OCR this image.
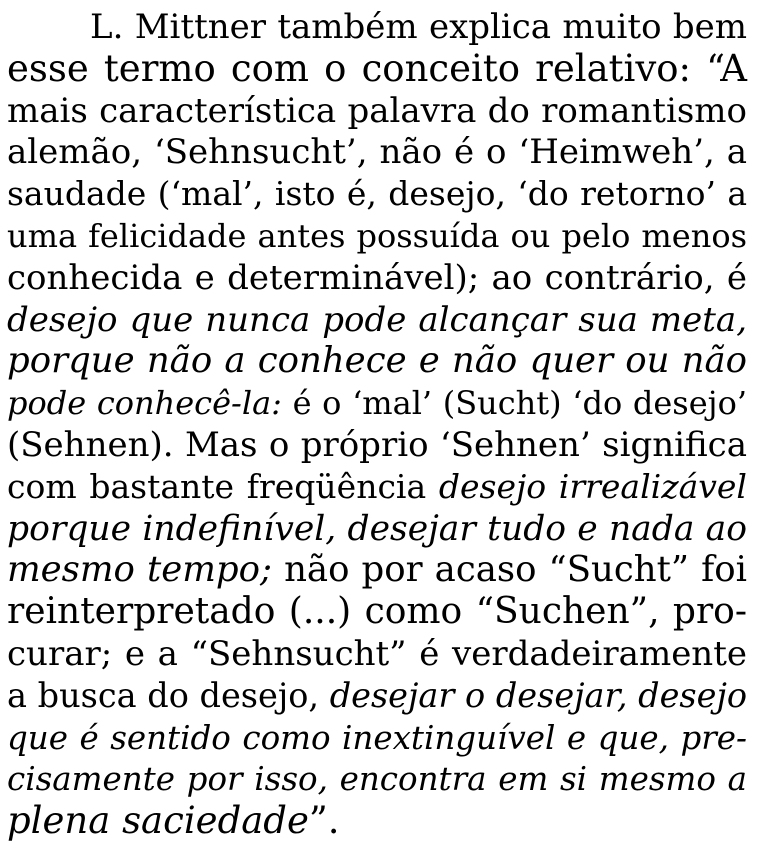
L. Mittner também explica muito bem
esse termo com o conceito relativo: “A
mais característica palavra do romantismo
alemão, ‘Sehnsucht’, não é o ‘Heimweh’, a
saudade (‘mal’, isto é, desejo, ‘do retorno’ a
uma felicidade antes possuída ou pelo menos
conhecida e determinável); ao contrário, é
desejo que nunca pode alcançar sua meta,
porque não a conhece e não quer ou não
pode conhecê-la: é o ‘mal’ (Sucht) ‘do desejo’
(Sehnen). Mas o próprio ‘Sehnen’ significa
com bastante freqüência desejo irrealizável
porque indefinível, desejar tudo e nada ao
mesmo tempo; não por acaso “Sucht” foi
reinterpretado (...) como “Suchen”, pro-
curar; e a “Sehnsucht” é verdadeiramente
a busca do desejo, desejar o desejar, desejo
que é sentido como inextinguível e que, pre-
cisamente por isso, encontra em si mesmo a
plena saciedade”.
